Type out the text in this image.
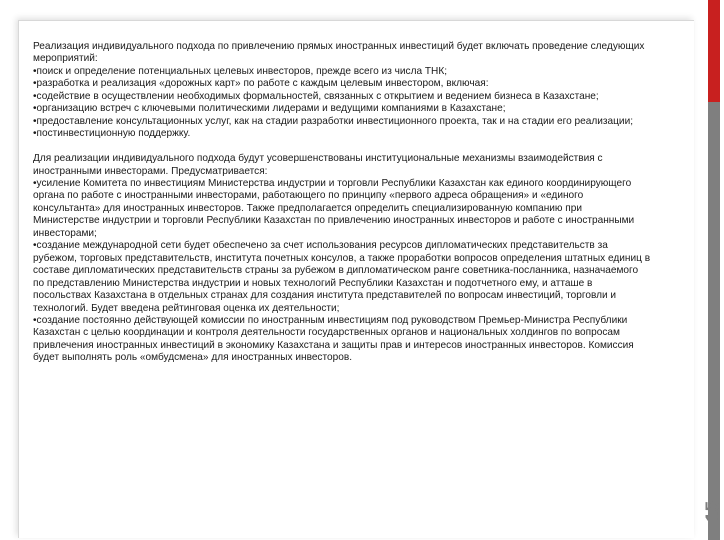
15

Реализация индивидуального подхода по привлечению прямых иностранных инвестиций будет включать проведение следующих мероприятий:

•поиск и определение потенциальных целевых инвесторов, прежде всего из числа ТНК;

•разработка и реализация «дорожных карт» по работе с каждым целевым инвестором, включая:

•содействие в осуществлении необходимых формальностей, связанных с открытием и ведением бизнеса в Казахстане;

•организацию встреч с ключевыми политическими лидерами и ведущими компаниями в Казахстане;

•предоставление консультационных услуг, как на стадии разработки инвестиционного проекта, так и на стадии его реализации;

•постинвестиционную поддержку.

Для реализации индивидуального подхода будут усовершенствованы институциональные механизмы взаимодействия с иностранными инвесторами. Предусматривается:

•усиление Комитета по инвестициям Министерства индустрии и торговли Республики Казахстан как единого координирующего органа по работе с иностранными инвесторами, работающего по принципу «первого адреса обращения» и «единого консультанта» для иностранных инвесторов. Также предполагается определить специализированную компанию при Министерстве индустрии и торговли Республики Казахстан по привлечению иностранных инвесторов и работе с иностранными инвесторами;

•создание международной сети будет обеспечено за счет использования ресурсов дипломатических представительств за рубежом, торговых представительств, института почетных консулов, а также проработки вопросов определения штатных единиц в составе дипломатических представительств страны за рубежом в дипломатическом ранге советника-посланника, назначаемого по представлению Министерства индустрии и новых технологий Республики Казахстан и подотчетного ему, и атташе в посольствах Казахстана в отдельных странах для создания института представителей по вопросам инвестиций, торговли и технологий. Будет введена рейтинговая оценка их деятельности;

•создание постоянно действующей комиссии по иностранным инвестициям под руководством Премьер-Министра Республики Казахстан с целью координации и контроля деятельности государственных органов и национальных холдингов по вопросам привлечения иностранных инвестиций в экономику Казахстана и защиты прав и интересов иностранных инвесторов. Комиссия будет выполнять роль «омбудсмена» для иностранных инвесторов.
